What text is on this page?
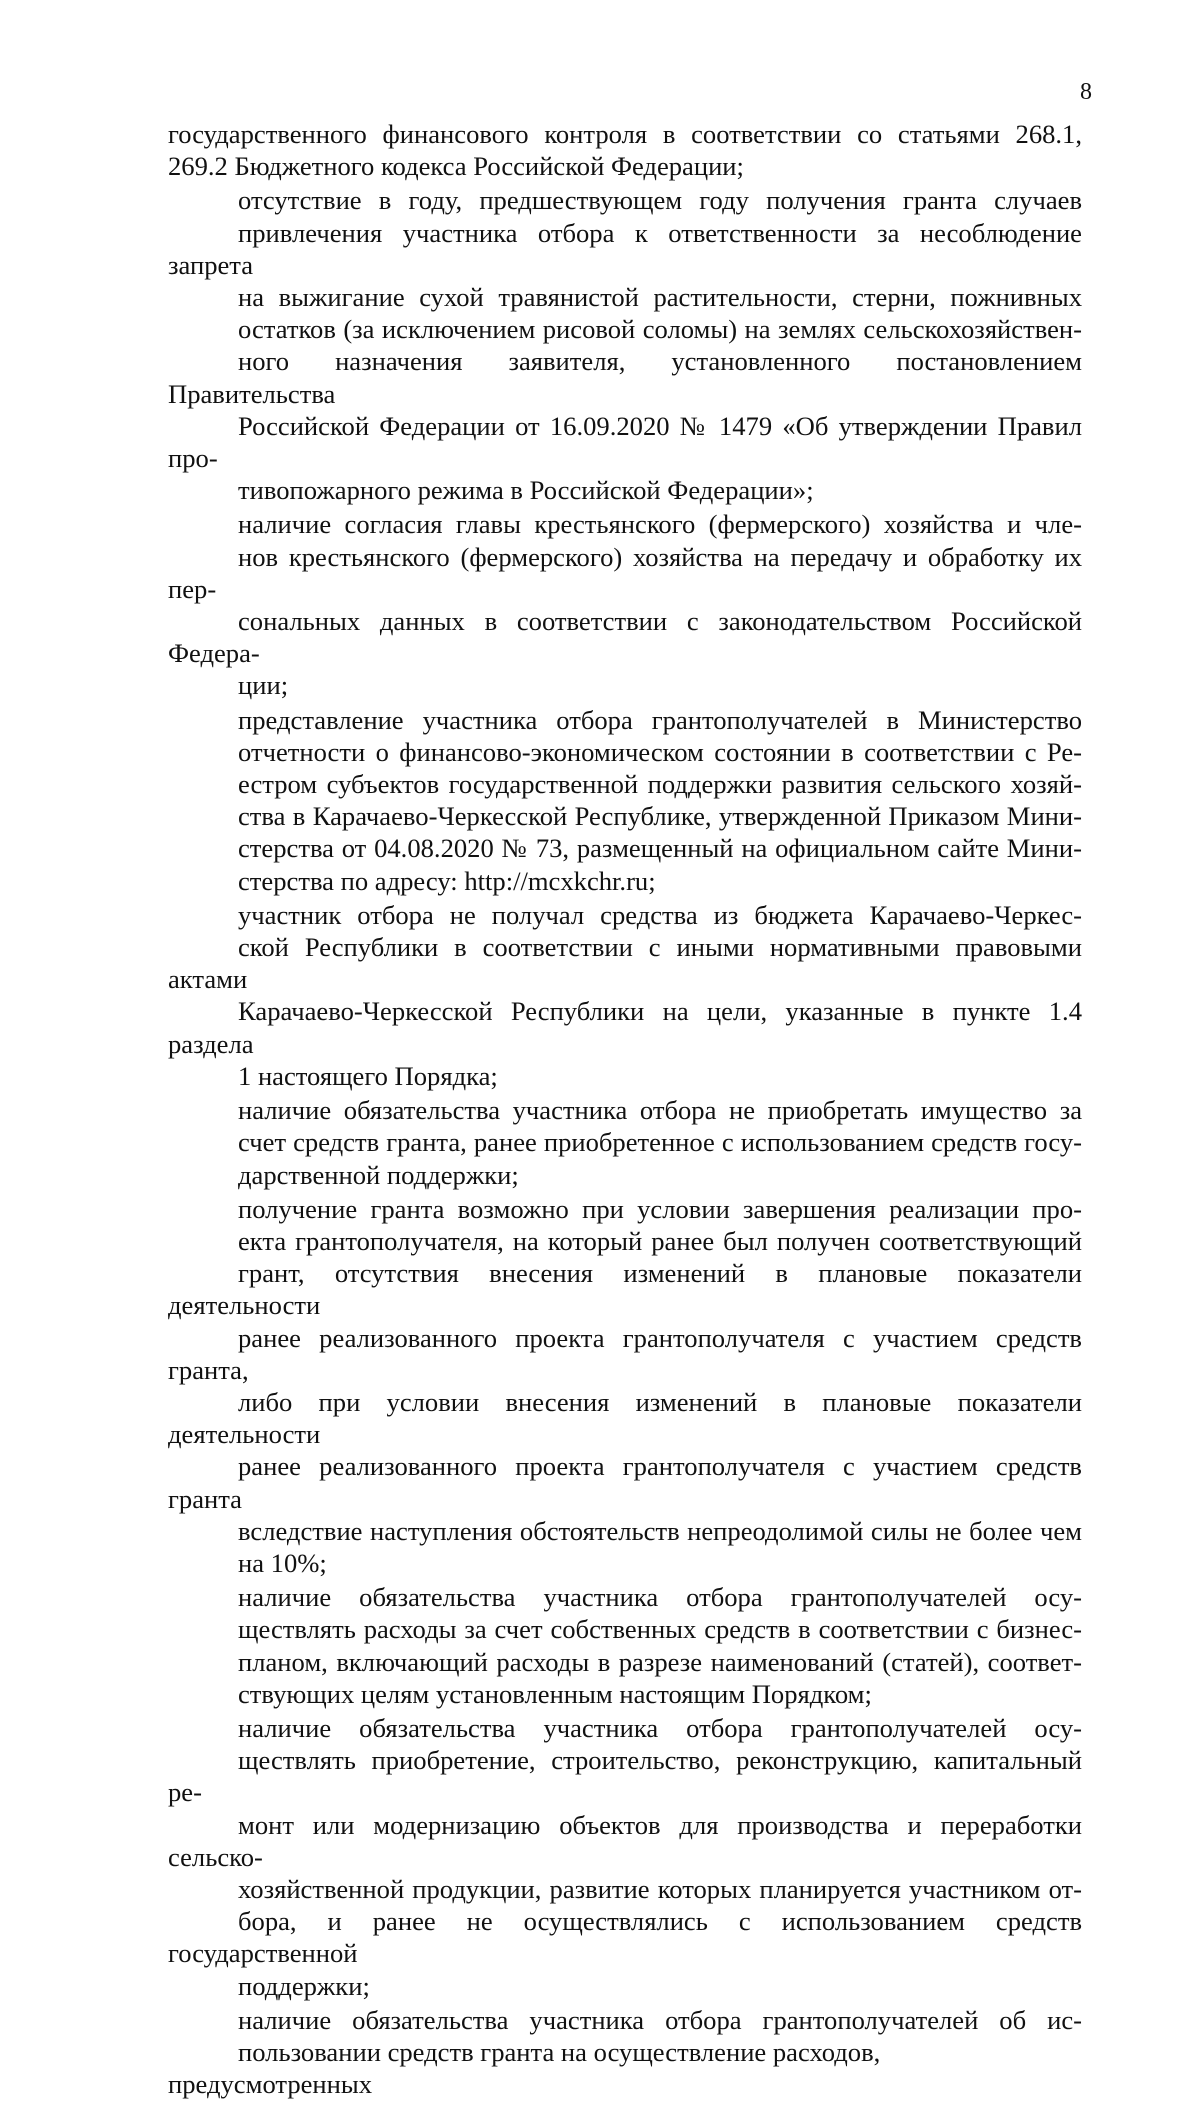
8

государственного финансового контроля в соответствии со статьями 268.1,
269.2 Бюджетного кодекса Российской Федерации;

отсутствие в году, предшествующем году получения гранта случаев
привлечения участника отбора к ответственности за несоблюдение запрета
на выжигание сухой травянистой растительности, стерни, пожнивных
остатков (за исключением рисовой соломы) на землях сельскохозяйствен-
ного назначения заявителя, установленного постановлением Правительства
Российской Федерации от 16.09.2020 № 1479 «Об утверждении Правил про-
тивопожарного режима в Российской Федерации»;

наличие согласия главы крестьянского (фермерского) хозяйства и чле-
нов крестьянского (фермерского) хозяйства на передачу и обработку их пер-
сональных данных в соответствии с законодательством Российской Федера-
ции;

представление участника отбора грантополучателей в Министерство
отчетности о финансово-экономическом состоянии в соответствии с Ре-
естром субъектов государственной поддержки развития сельского хозяй-
ства в Карачаево-Черкесской Республике, утвержденной Приказом Мини-
стерства от 04.08.2020 № 73, размещенный на официальном сайте Мини-
стерства по адресу: http://mcxkchr.ru;

участник отбора не получал средства из бюджета Карачаево-Черкес-
ской Республики в соответствии с иными нормативными правовыми актами
Карачаево-Черкесской Республики на цели, указанные в пункте 1.4 раздела
1 настоящего Порядка;

наличие обязательства участника отбора не приобретать имущество за
счет средств гранта, ранее приобретенное с использованием средств госу-
дарственной поддержки;

получение гранта возможно при условии завершения реализации про-
екта грантополучателя, на который ранее был получен соответствующий
грант, отсутствия внесения изменений в плановые показатели деятельности
ранее реализованного проекта грантополучателя с участием средств гранта,
либо при условии внесения изменений в плановые показатели деятельности
ранее реализованного проекта грантополучателя с участием средств гранта
вследствие наступления обстоятельств непреодолимой силы не более чем
на 10%;

наличие обязательства участника отбора грантополучателей осу-
ществлять расходы за счет собственных средств в соответствии с бизнес-
планом, включающий расходы в разрезе наименований (статей), соответ-
ствующих целям установленным настоящим Порядком;

наличие обязательства участника отбора грантополучателей осу-
ществлять приобретение, строительство, реконструкцию, капитальный ре-
монт или модернизацию объектов для производства и переработки сельско-
хозяйственной продукции, развитие которых планируется участником от-
бора, и ранее не осуществлялись с использованием средств государственной
поддержки;

наличие обязательства участника отбора грантополучателей об ис-
пользовании средств гранта на осуществление расходов, предусмотренных
